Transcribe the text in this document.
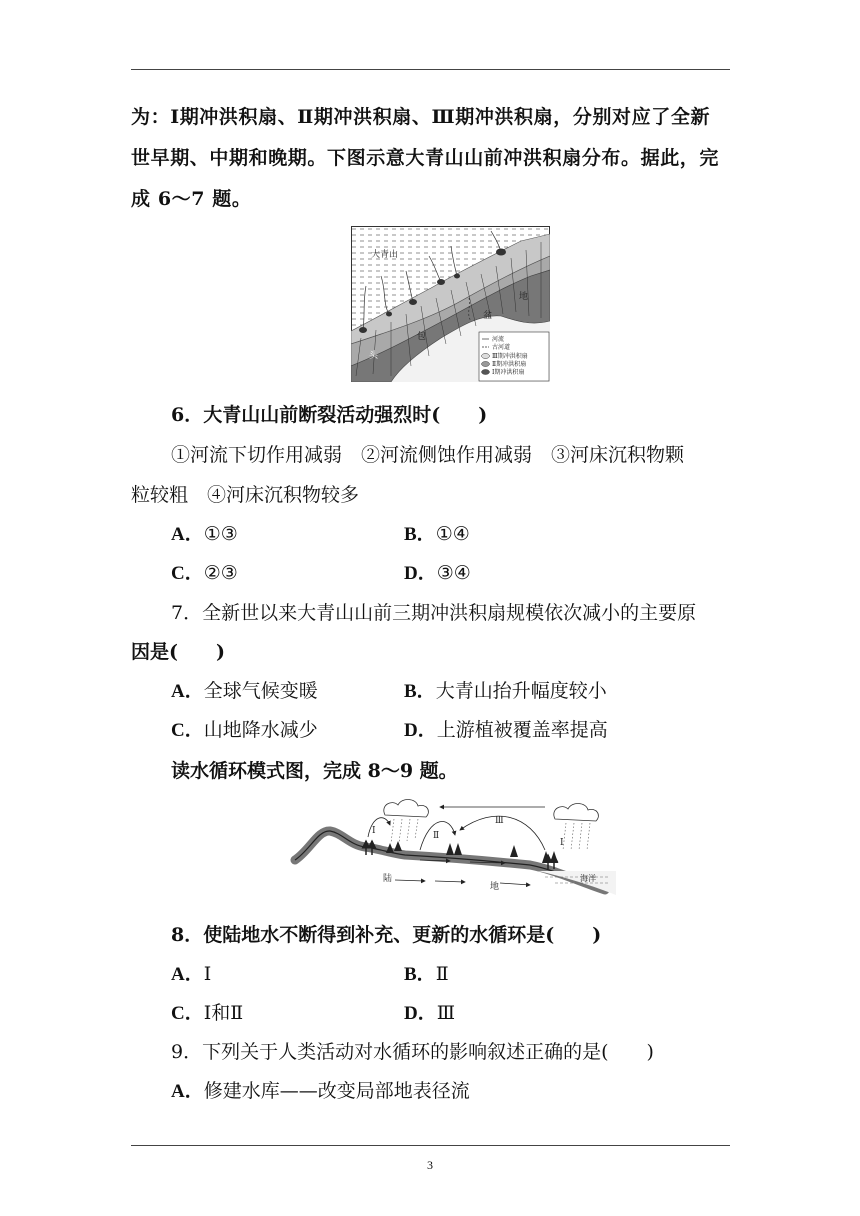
为：Ⅰ期冲洪积扇、Ⅱ期冲洪积扇、Ⅲ期冲洪积扇，分别对应了全新
世早期、中期和晚期。下图示意大青山山前冲洪积扇分布。据此，完
成 6～7 题。
大青山
地
盆
包
头
河流
古河道
Ⅲ期冲洪积扇
Ⅱ期冲洪积扇
Ⅰ期冲洪积扇
6．大青山山前断裂活动强烈时(　　)
①河流下切作用减弱　②河流侧蚀作用减弱　③河床沉积物颗
粒较粗　④河床沉积物较多
A．①③	B．①④
C．②③	D．③④
7．全新世以来大青山山前三期冲洪积扇规模依次减小的主要原
因是(　　)
A．全球气候变暖	B．大青山抬升幅度较小
C．山地降水减少	D．上游植被覆盖率提高
读水循环模式图，完成 8～9 题。
Ⅰ	Ⅱ
Ⅲ
Ⅰ
陆
地
海洋
8．使陆地水不断得到补充、更新的水循环是(　　)
A．Ⅰ	B．Ⅱ
C．Ⅰ和Ⅱ	D．Ⅲ
9．下列关于人类活动对水循环的影响叙述正确的是(　　)
A．修建水库——改变局部地表径流
3
